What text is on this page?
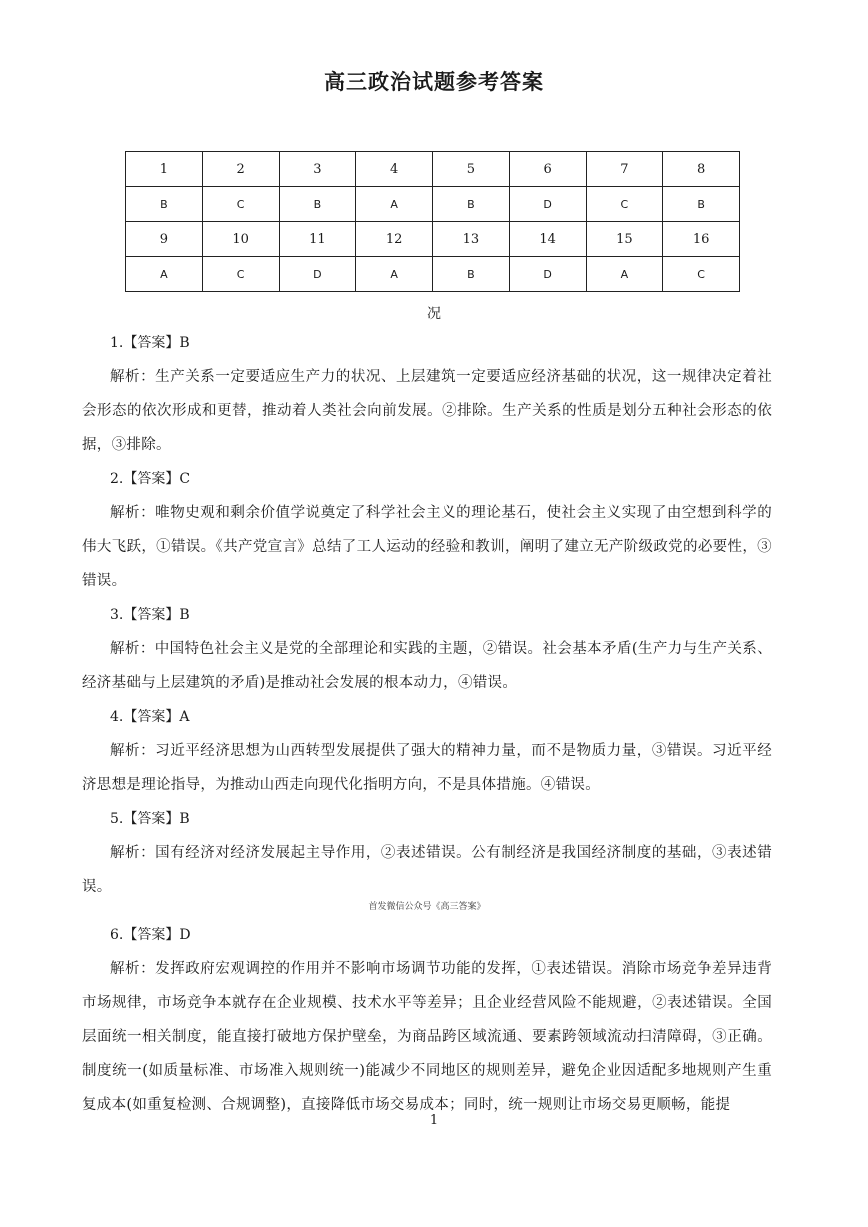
高三政治试题参考答案
1	2	3	4	5	6	7	8
B	C	B	A	B	D	C	B
9	10	11	12	13	14	15	16
A	C	D	A	B	D	A	C
况
1.【答案】B

解析：生产关系一定要适应生产力的状况、上层建筑一定要适应经济基础的状况，这一规律决定着社会形态的依次形成和更替，推动着人类社会向前发展。②排除。生产关系的性质是划分五种社会形态的依据，③排除。

2.【答案】C

解析：唯物史观和剩余价值学说奠定了科学社会主义的理论基石，使社会主义实现了由空想到科学的伟大飞跃，①错误。《共产党宣言》总结了工人运动的经验和教训，阐明了建立无产阶级政党的必要性，③错误。

3.【答案】B

解析：中国特色社会主义是党的全部理论和实践的主题，②错误。社会基本矛盾(生产力与生产关系、经济基础与上层建筑的矛盾)是推动社会发展的根本动力，④错误。

4.【答案】A

解析：习近平经济思想为山西转型发展提供了强大的精神力量，而不是物质力量，③错误。习近平经济思想是理论指导，为推动山西走向现代化指明方向，不是具体措施。④错误。

5.【答案】B

解析：国有经济对经济发展起主导作用，②表述错误。公有制经济是我国经济制度的基础，③表述错误。

首发微信公众号《高三答案》
6.【答案】D

解析：发挥政府宏观调控的作用并不影响市场调节功能的发挥，①表述错误。消除市场竞争差异违背市场规律，市场竞争本就存在企业规模、技术水平等差异；且企业经营风险不能规避，②表述错误。全国层面统一相关制度，能直接打破地方保护壁垒，为商品跨区域流通、要素跨领域流动扫清障碍，③正确。制度统一(如质量标准、市场准入规则统一)能减少不同地区的规则差异，避免企业因适配多地规则产生重复成本(如重复检测、合规调整)，直接降低市场交易成本；同时，统一规则让市场交易更顺畅，能提

1
